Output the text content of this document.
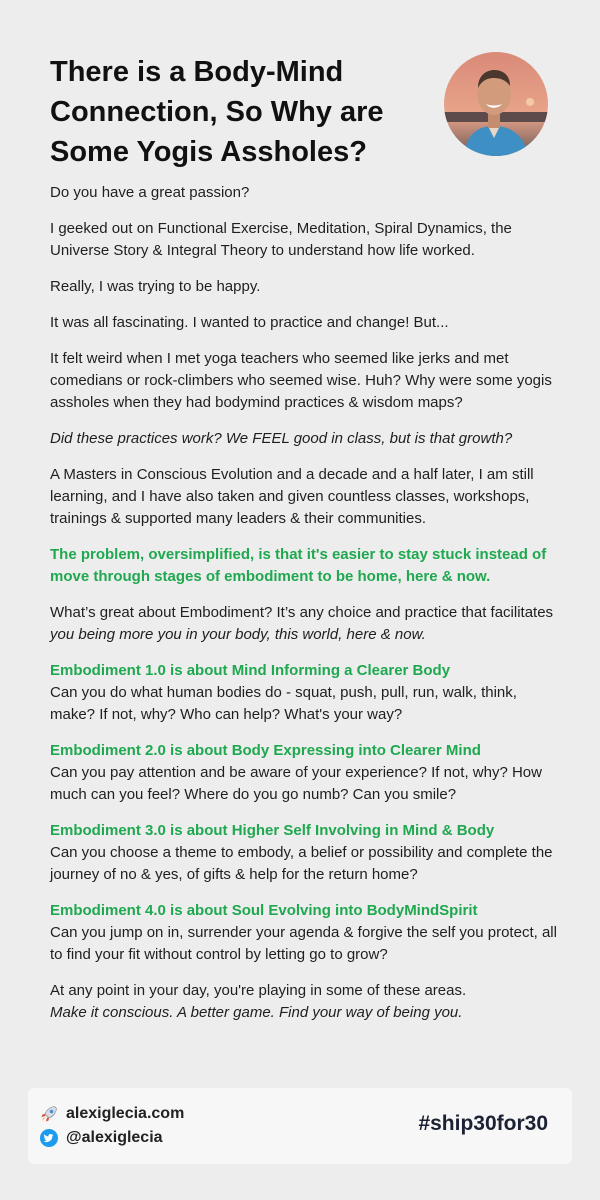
There is a Body-Mind Connection, So Why are Some Yogis Assholes?

Do you have a great passion?

I geeked out on Functional Exercise, Meditation, Spiral Dynamics, the Universe Story & Integral Theory to understand how life worked.

Really, I was trying to be happy.

It was all fascinating. I wanted to practice and change! But...

It felt weird when I met yoga teachers who seemed like jerks and met comedians or rock-climbers who seemed wise. Huh? Why were some yogis assholes when they had bodymind practices & wisdom maps?

Did these practices work? We FEEL good in class, but is that growth?

A Masters in Conscious Evolution and a decade and a half later, I am still learning, and I have also taken and given countless classes, workshops, trainings & supported many leaders & their communities.

The problem, oversimplified, is that it's easier to stay stuck instead of move through stages of embodiment to be home, here & now.

What’s great about Embodiment? It’s any choice and practice that facilitates you being more you in your body, this world, here & now.

Embodiment 1.0 is about Mind Informing a Clearer Body
Can you do what human bodies do - squat, push, pull, run, walk, think, make? If not, why? Who can help? What's your way?
Embodiment 2.0 is about Body Expressing into Clearer Mind
Can you pay attention and be aware of your experience? If not, why? How much can you feel? Where do you go numb? Can you smile?
Embodiment 3.0 is about Higher Self Involving in Mind & Body
Can you choose a theme to embody, a belief or possibility and complete the journey of no & yes, of gifts & help for the return home?
Embodiment 4.0 is about Soul Evolving into BodyMindSpirit
Can you jump on in, surrender your agenda & forgive the self you protect, all to find your fit without control by letting go to grow?

At any point in your day, you're playing in some of these areas.
Make it conscious. A better game. Find your way of being you.

alexiglecia.com
@alexiglecia
#ship30for30
